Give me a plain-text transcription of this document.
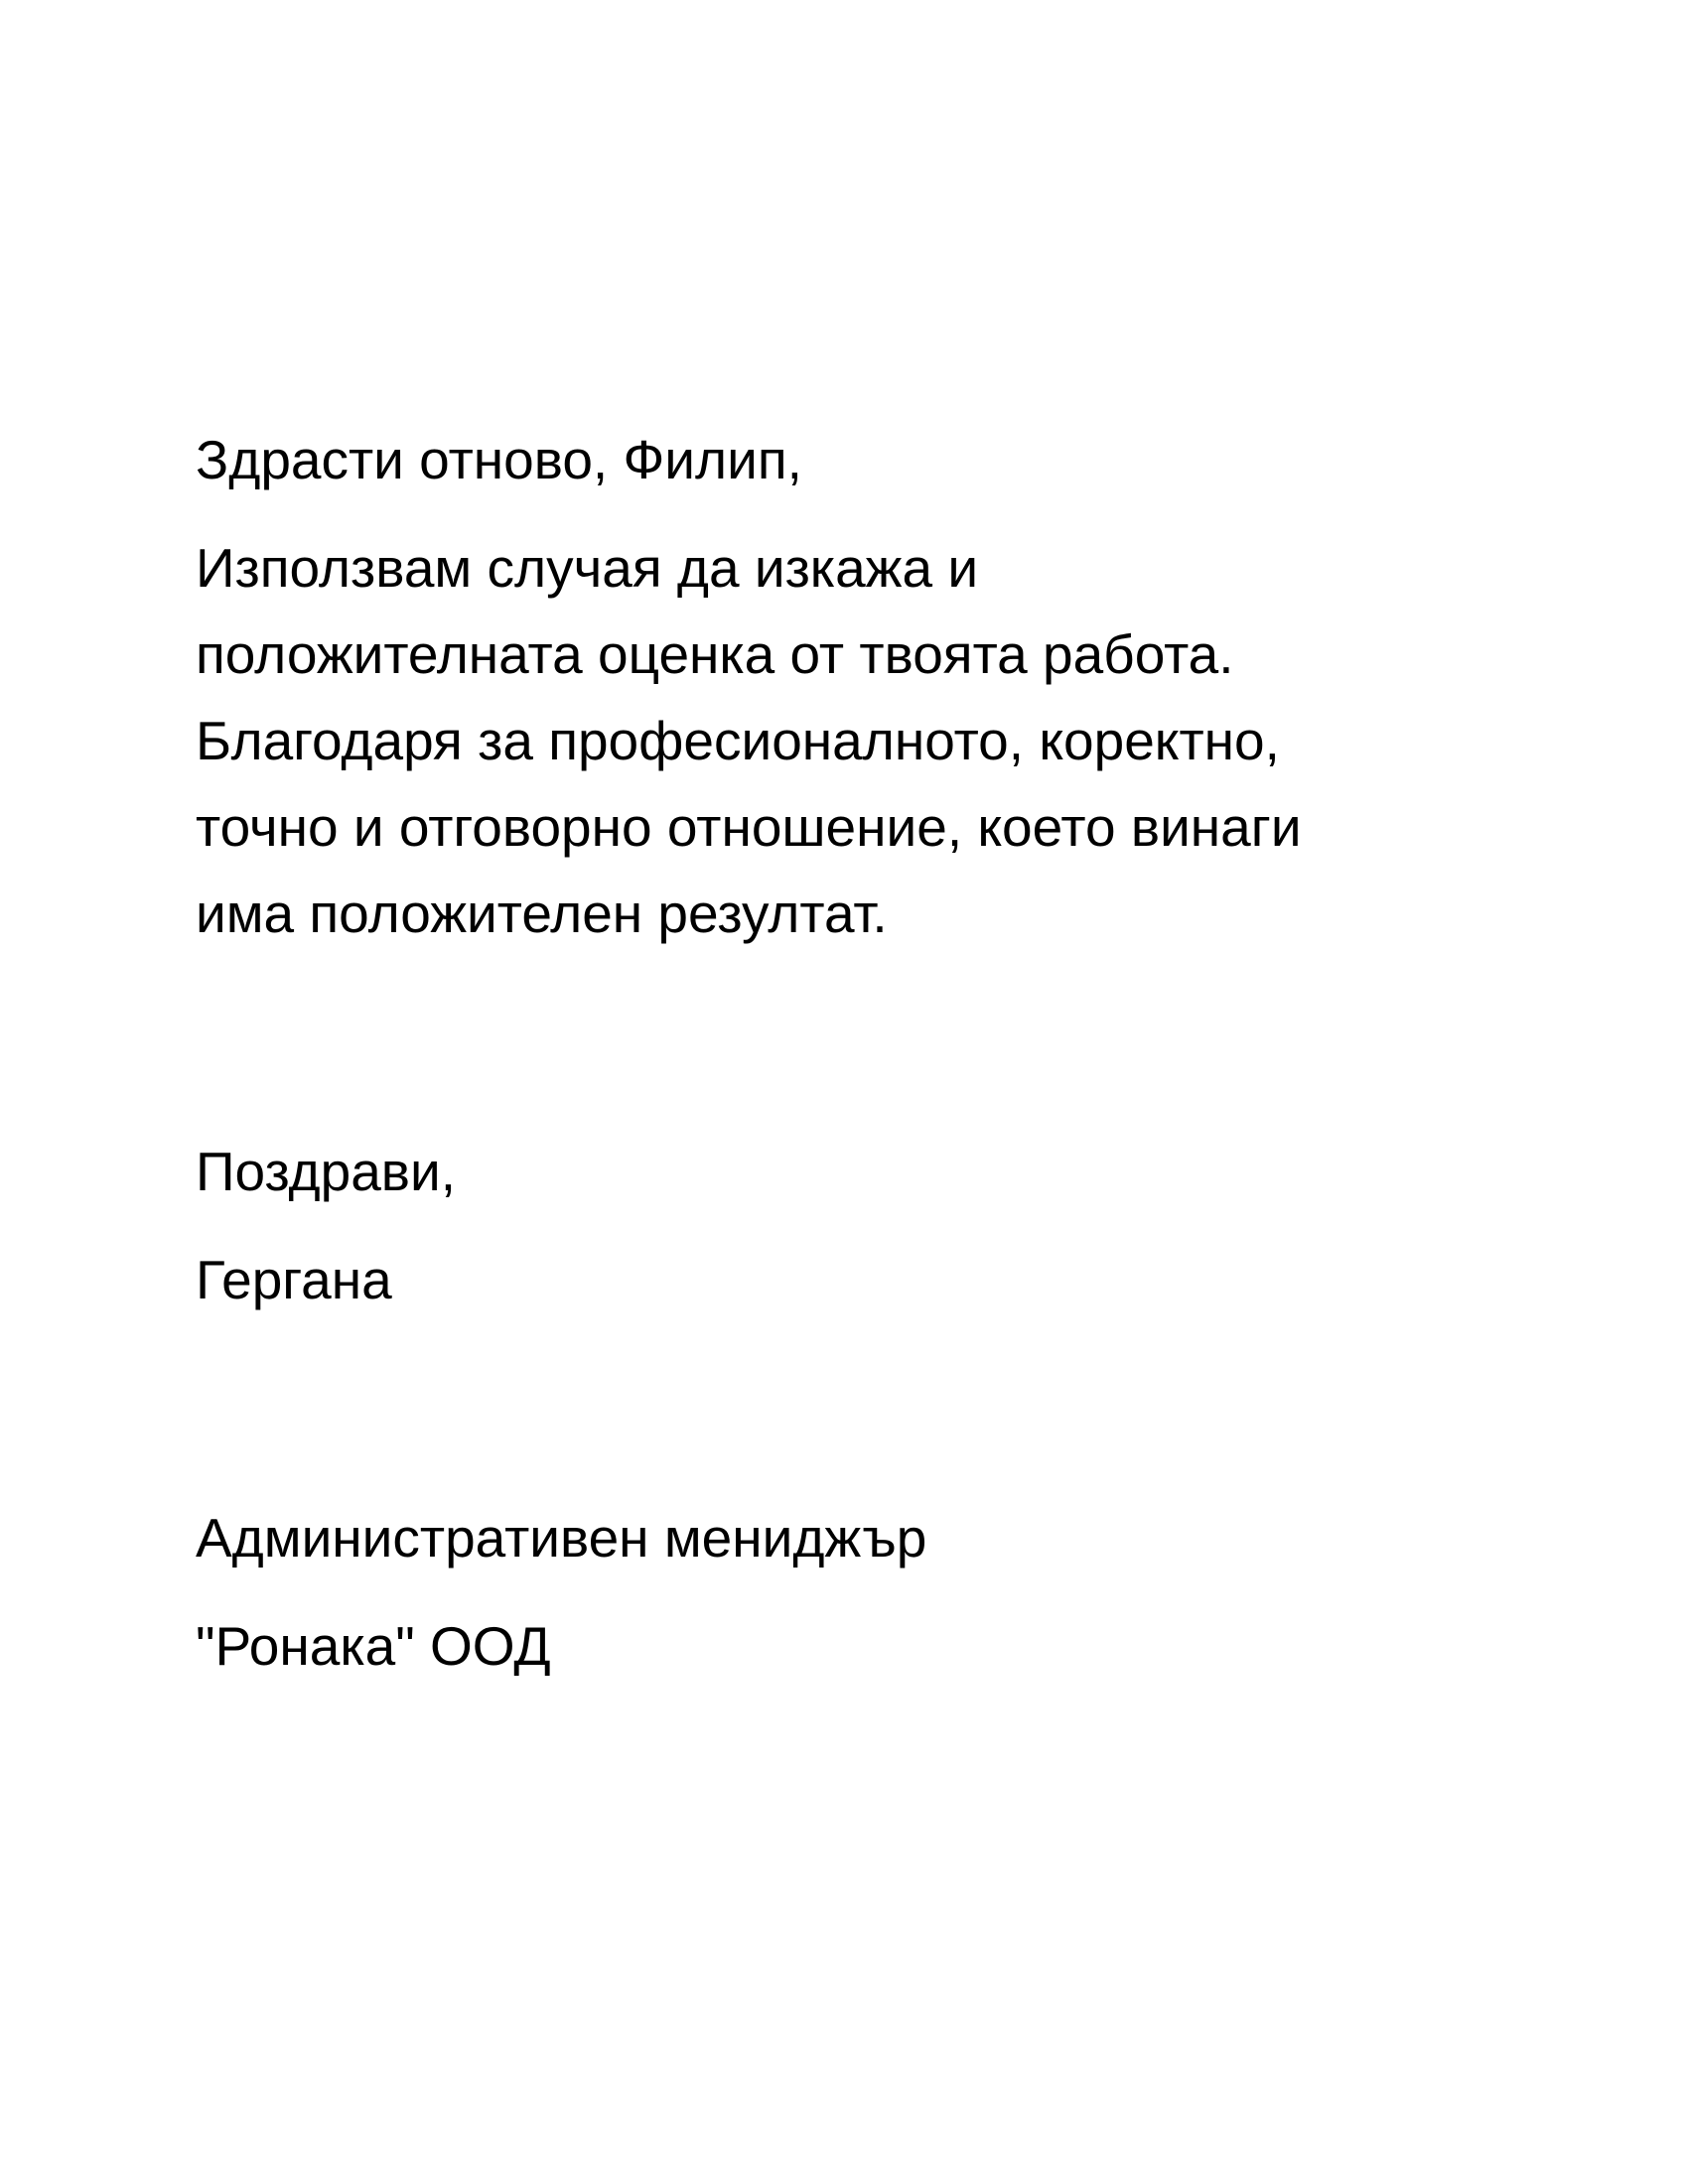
Здрасти отново, Филип,

Използвам случая да изкажа и

положителната оценка от твоята работа.

Благодаря за професионалното, коректно,

точно и отговорно отношение, което винаги

има положителен резултат.

Поздрави,

Гергана

Административен мениджър

"Ронака" ООД
